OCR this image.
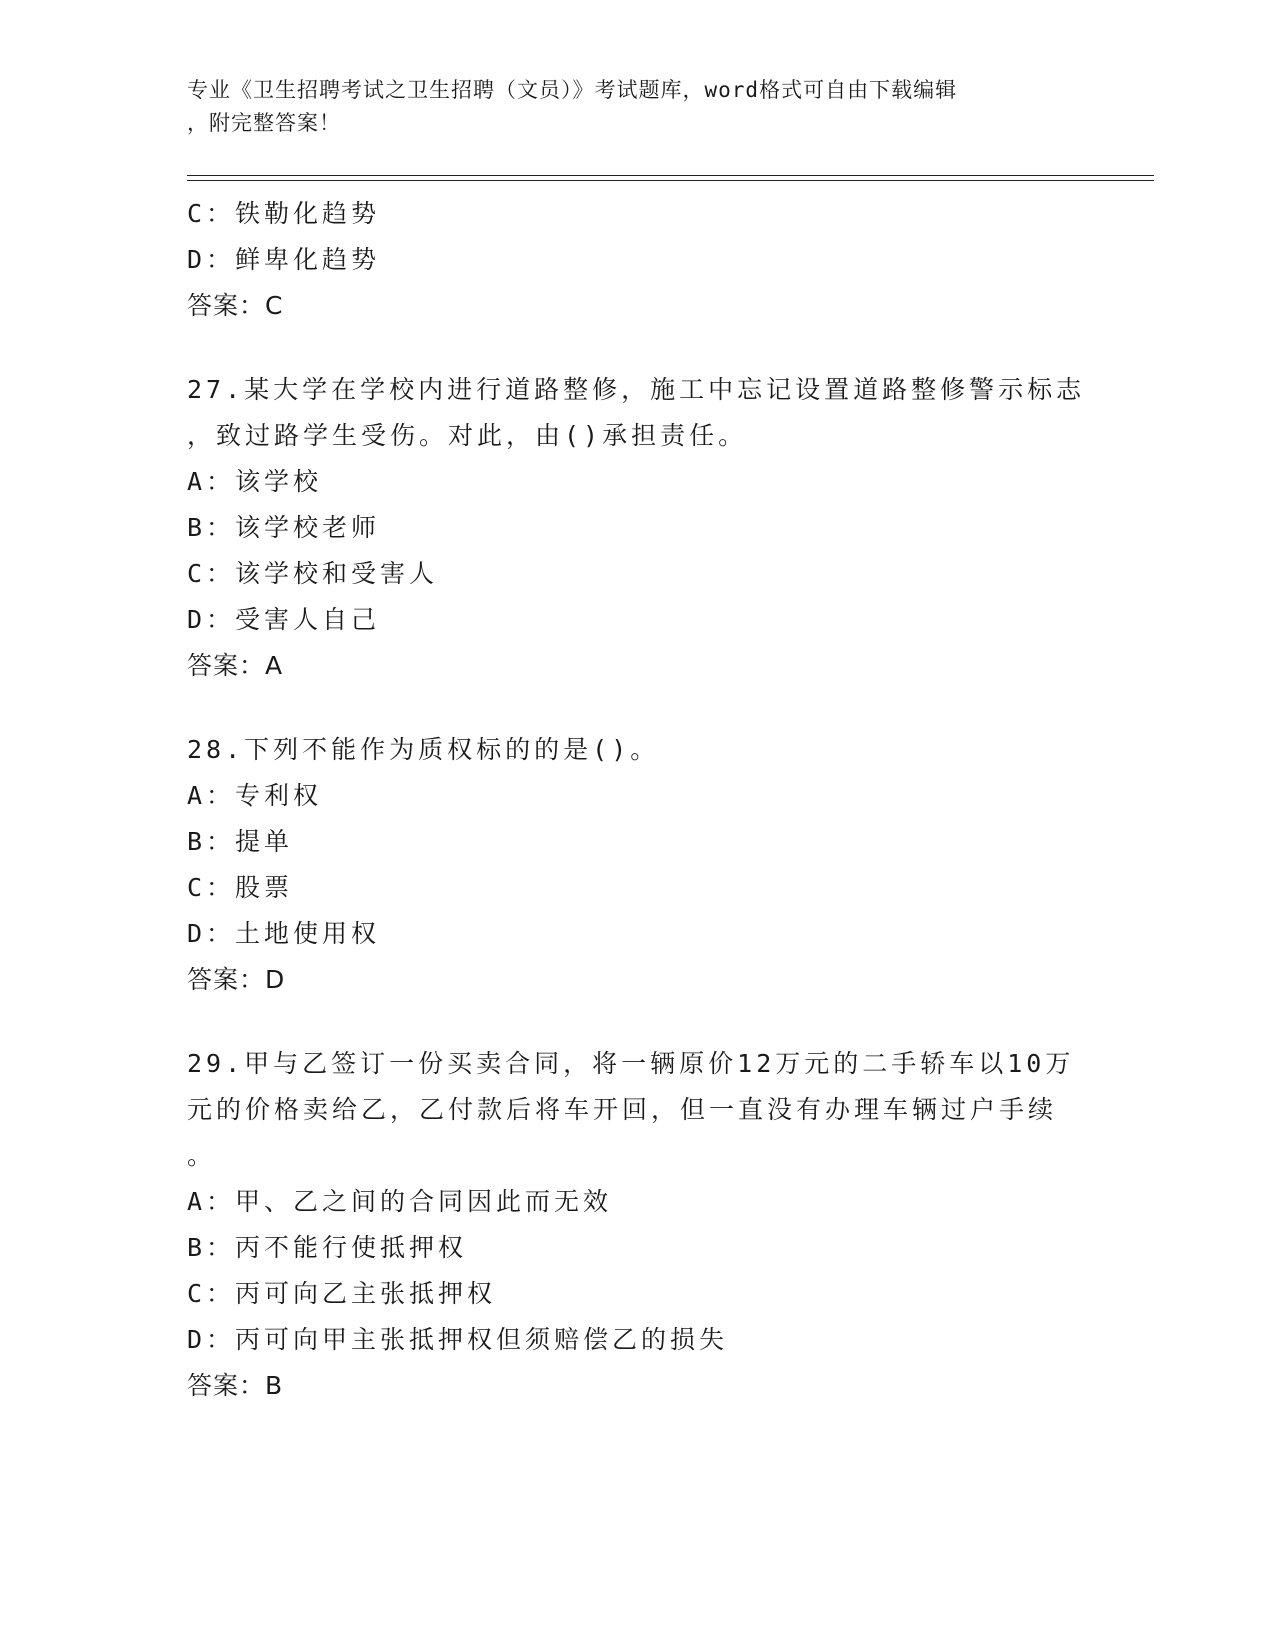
专业《卫生招聘考试之卫生招聘（文员）》考试题库，word格式可自由下载编辑
，附完整答案！
C：铁勒化趋势
D：鲜卑化趋势
答案：C
27.某大学在学校内进行道路整修，施工中忘记设置道路整修警示标志
，致过路学生受伤。对此，由()承担责任。
A：该学校
B：该学校老师
C：该学校和受害人
D：受害人自己
答案：A
28.下列不能作为质权标的的是()。
A：专利权
B：提单
C：股票
D：土地使用权
答案：D
29.甲与乙签订一份买卖合同，将一辆原价12万元的二手轿车以10万
元的价格卖给乙，乙付款后将车开回，但一直没有办理车辆过户手续
。
A：甲、乙之间的合同因此而无效
B：丙不能行使抵押权
C：丙可向乙主张抵押权
D：丙可向甲主张抵押权但须赔偿乙的损失
答案：B
